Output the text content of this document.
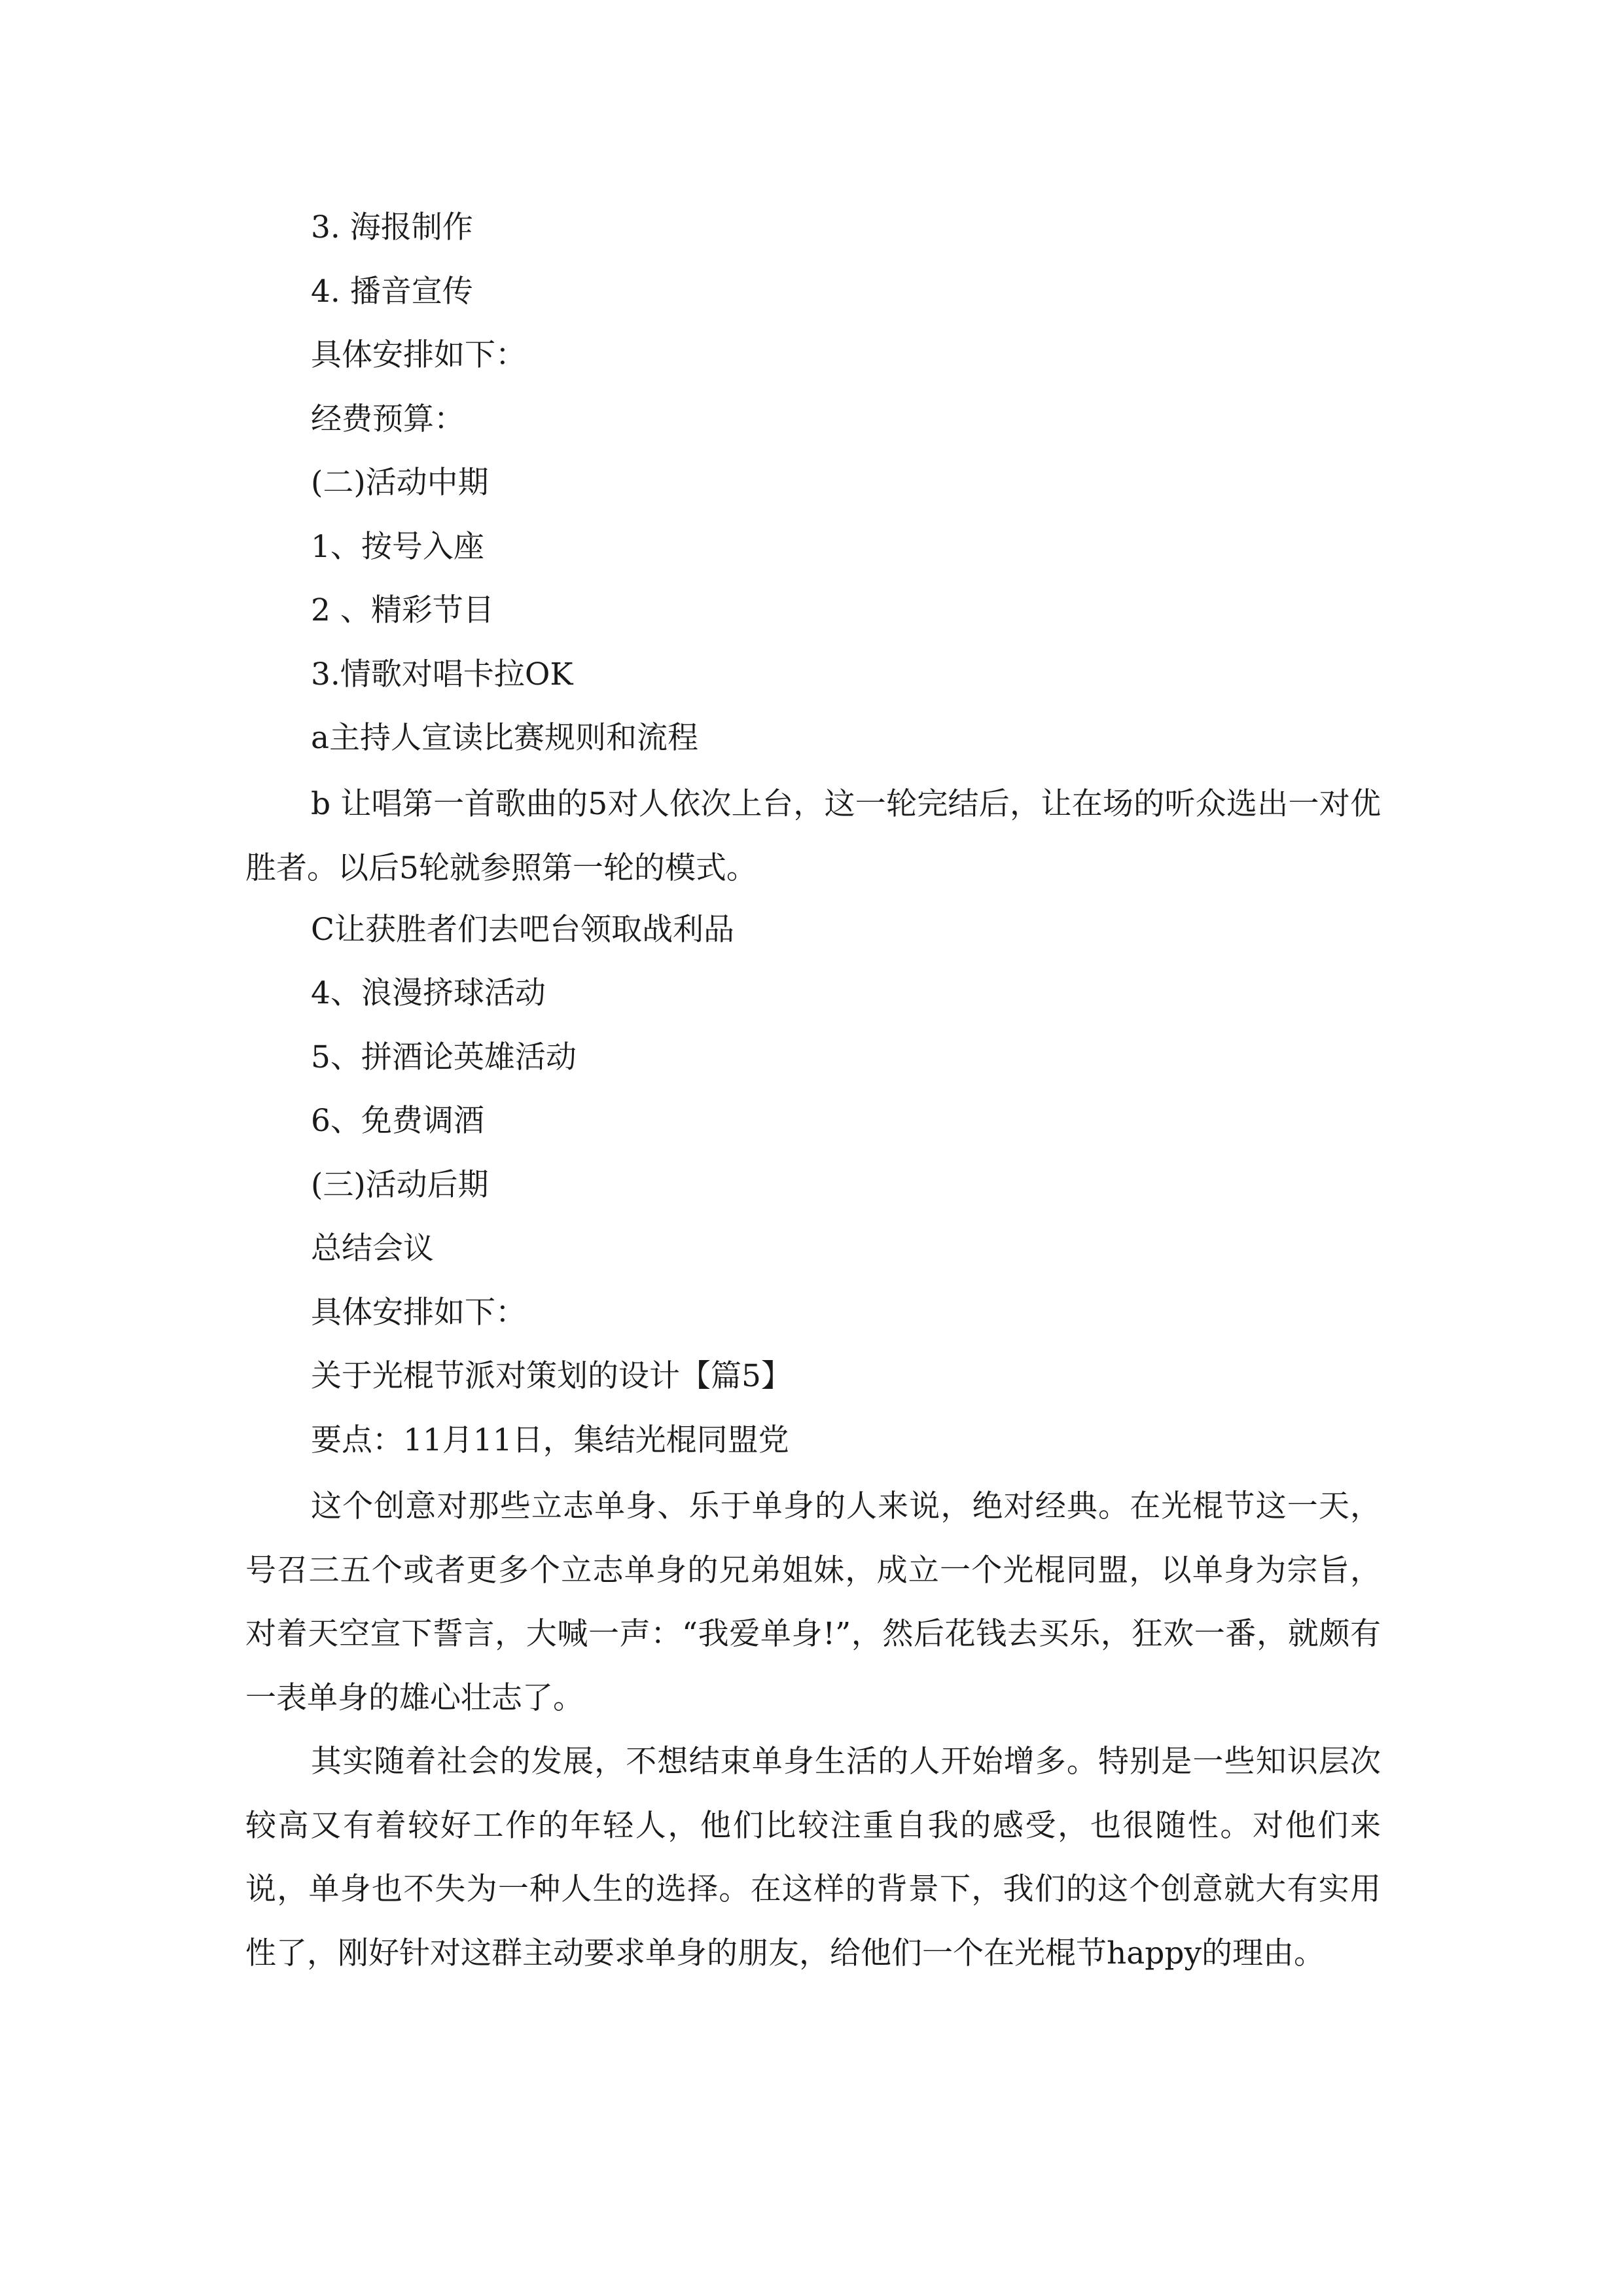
3. 海报制作
4. 播音宣传
具体安排如下：
经费预算：
(二)活动中期
1、按号入座
2 、精彩节目
3.情歌对唱卡拉OK
a主持人宣读比赛规则和流程

b 让唱第一首歌曲的5对人依次上台，这一轮完结后，让在场的听众选出一对优胜者。以后5轮就参照第一轮的模式。

C让获胜者们去吧台领取战利品
4、浪漫挤球活动
5、拼酒论英雄活动
6、免费调酒
(三)活动后期
总结会议
具体安排如下：
关于光棍节派对策划的设计【篇5】
要点：11月11日，集结光棍同盟党

这个创意对那些立志单身、乐于单身的人来说，绝对经典。在光棍节这一天，号召三五个或者更多个立志单身的兄弟姐妹，成立一个光棍同盟，以单身为宗旨，对着天空宣下誓言，大喊一声：“我爱单身!”，然后花钱去买乐，狂欢一番，就颇有一表单身的雄心壮志了。

其实随着社会的发展，不想结束单身生活的人开始增多。特别是一些知识层次较高又有着较好工作的年轻人，他们比较注重自我的感受，也很随性。对他们来说，单身也不失为一种人生的选择。在这样的背景下，我们的这个创意就大有实用性了，刚好针对这群主动要求单身的朋友，给他们一个在光棍节happy的理由。
